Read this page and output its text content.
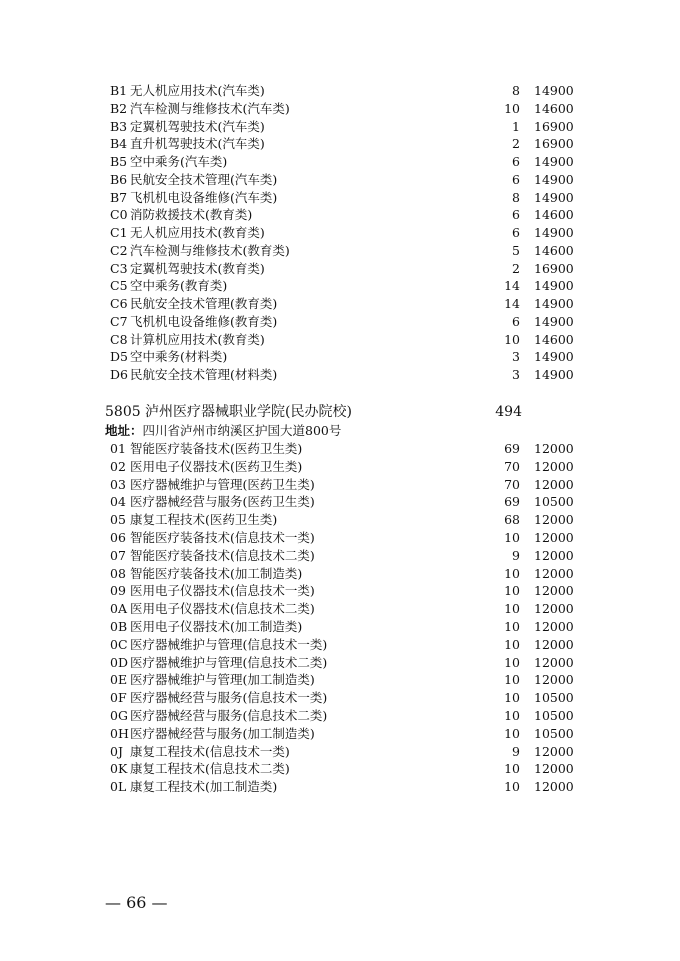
B1 无人机应用技术(汽车类)	8 14900
B2 汽车检测与维修技术(汽车类)	10 14600
B3 定翼机驾驶技术(汽车类)	1 16900
B4 直升机驾驶技术(汽车类)	2 16900
B5 空中乘务(汽车类)	6 14900
B6 民航安全技术管理(汽车类)	6 14900
B7 飞机机电设备维修(汽车类)	8 14900
C0 消防救援技术(教育类)	6 14600
C1 无人机应用技术(教育类)	6 14900
C2 汽车检测与维修技术(教育类)	5 14600
C3 定翼机驾驶技术(教育类)	2 16900
C5 空中乘务(教育类)	14 14900
C6 民航安全技术管理(教育类)	14 14900
C7 飞机机电设备维修(教育类)	6 14900
C8 计算机应用技术(教育类)	10 14600
D5 空中乘务(材料类)	3 14900
D6 民航安全技术管理(材料类)	3 14900
5805 泸州医疗器械职业学院(民办院校)	494
地址：四川省泸州市纳溪区护国大道800号
01 智能医疗装备技术(医药卫生类)	69 12000
02 医用电子仪器技术(医药卫生类)	70 12000
03 医疗器械维护与管理(医药卫生类)	70 12000
04 医疗器械经营与服务(医药卫生类)	69 10500
05 康复工程技术(医药卫生类)	68 12000
06 智能医疗装备技术(信息技术一类)	10 12000
07 智能医疗装备技术(信息技术二类)	9 12000
08 智能医疗装备技术(加工制造类)	10 12000
09 医用电子仪器技术(信息技术一类)	10 12000
0A 医用电子仪器技术(信息技术二类)	10 12000
0B 医用电子仪器技术(加工制造类)	10 12000
0C 医疗器械维护与管理(信息技术一类)	10 12000
0D 医疗器械维护与管理(信息技术二类)	10 12000
0E 医疗器械维护与管理(加工制造类)	10 12000
0F 医疗器械经营与服务(信息技术一类)	10 10500
0G 医疗器械经营与服务(信息技术二类)	10 10500
0H 医疗器械经营与服务(加工制造类)	10 10500
0J 康复工程技术(信息技术一类)	9 12000
0K 康复工程技术(信息技术二类)	10 12000
0L 康复工程技术(加工制造类)	10 12000
— 66 —
